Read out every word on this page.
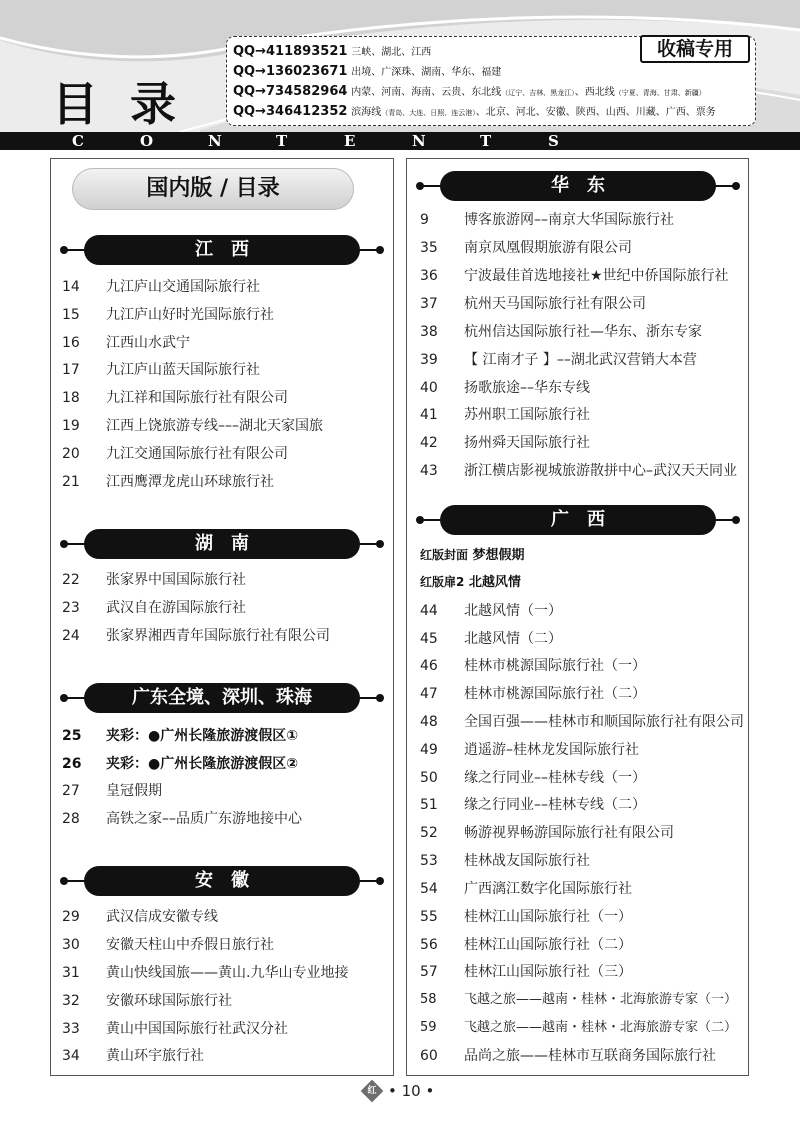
目 录
QQ→411893521 三峡、湖北、江西
QQ→136023671 出境、广深珠、湖南、华东、福建
QQ→734582964 内蒙、河南、海南、云贵、东北线（辽宁、吉林、黑龙江）、西北线（宁夏、青海、甘肃、新疆）
QQ→346412352 滨海线（青岛、大连、日照、连云港）、北京、河北、安徽、陕西、山西、川藏、广西、票务
收稿专用
C	O	N	T	E	N	T	S
国内版 / 目录
江　西
14	九江庐山交通国际旅行社
15	九江庐山好时光国际旅行社
16	江西山水武宁
17	九江庐山蓝天国际旅行社
18	九江祥和国际旅行社有限公司
19	江西上饶旅游专线–––湖北天家国旅
20	九江交通国际旅行社有限公司
21	江西鹰潭龙虎山环球旅行社
湖　南
22	张家界中国国际旅行社
23	武汉自在游国际旅行社
24	张家界湘西青年国际旅行社有限公司
广东全境、深圳、珠海
25	夹彩：●广州长隆旅游渡假区①
26	夹彩：●广州长隆旅游渡假区②
27	皇冠假期
28	高铁之家––品质广东游地接中心
安　徽
29	武汉信成安徽专线
30	安徽天柱山中乔假日旅行社
31	黄山快线国旅——黄山.九华山专业地接
32	安徽环球国际旅行社
33	黄山中国国际旅行社武汉分社
34	黄山环宇旅行社
华　东
9	博客旅游网––南京大华国际旅行社
35	南京凤凰假期旅游有限公司
36	宁波最佳首选地接社★世纪中侨国际旅行社
37	杭州天马国际旅行社有限公司
38	杭州信达国际旅行社—华东、浙东专家
39	【 江南才子 】––湖北武汉营销大本营
40	扬歌旅途––华东专线
41	苏州职工国际旅行社
42	扬州舜天国际旅行社
43	浙江横店影视城旅游散拼中心–武汉天天同业
广　西
红版封面 梦想假期
红版扉2 北越风情
44	北越风情（一）
45	北越风情（二）
46	桂林市桃源国际旅行社（一）
47	桂林市桃源国际旅行社（二）
48	全国百强——桂林市和顺国际旅行社有限公司
49	逍遥游–桂林龙发国际旅行社
50	缘之行同业––桂林专线（一）
51	缘之行同业––桂林专线（二）
52	畅游视界畅游国际旅行社有限公司
53	桂林战友国际旅行社
54	广西漓江数字化国际旅行社
55	桂林江山国际旅行社（一）
56	桂林江山国际旅行社（二）
57	桂林江山国际旅行社（三）
58	飞越之旅——越南・桂林・北海旅游专家（一）
59	飞越之旅——越南・桂林・北海旅游专家（二）
60	品尚之旅——桂林市互联商务国际旅行社
红 • 10 •
